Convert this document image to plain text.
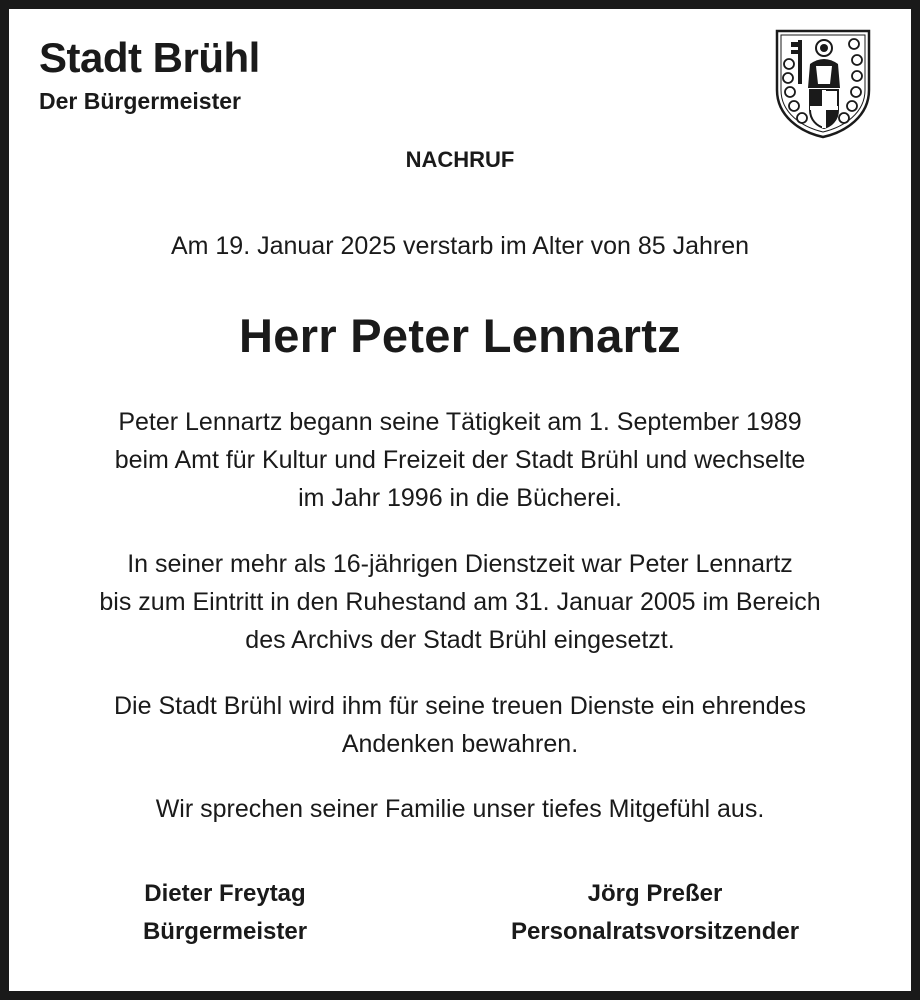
Stadt Brühl
Der Bürgermeister
NACHRUF
Am 19. Januar 2025 verstarb im Alter von 85 Jahren
Herr Peter Lennartz
Peter Lennartz begann seine Tätigkeit am 1. September 1989
beim Amt für Kultur und Freizeit der Stadt Brühl und wechselte
im Jahr 1996 in die Bücherei.
In seiner mehr als 16-jährigen Dienstzeit war Peter Lennartz
bis zum Eintritt in den Ruhestand am 31. Januar 2005 im Bereich
des Archivs der Stadt Brühl eingesetzt.
Die Stadt Brühl wird ihm für seine treuen Dienste ein ehrendes
Andenken bewahren.
Wir sprechen seiner Familie unser tiefes Mitgefühl aus.
Dieter Freytag
Bürgermeister
Jörg Preßer
Personalratsvorsitzender
